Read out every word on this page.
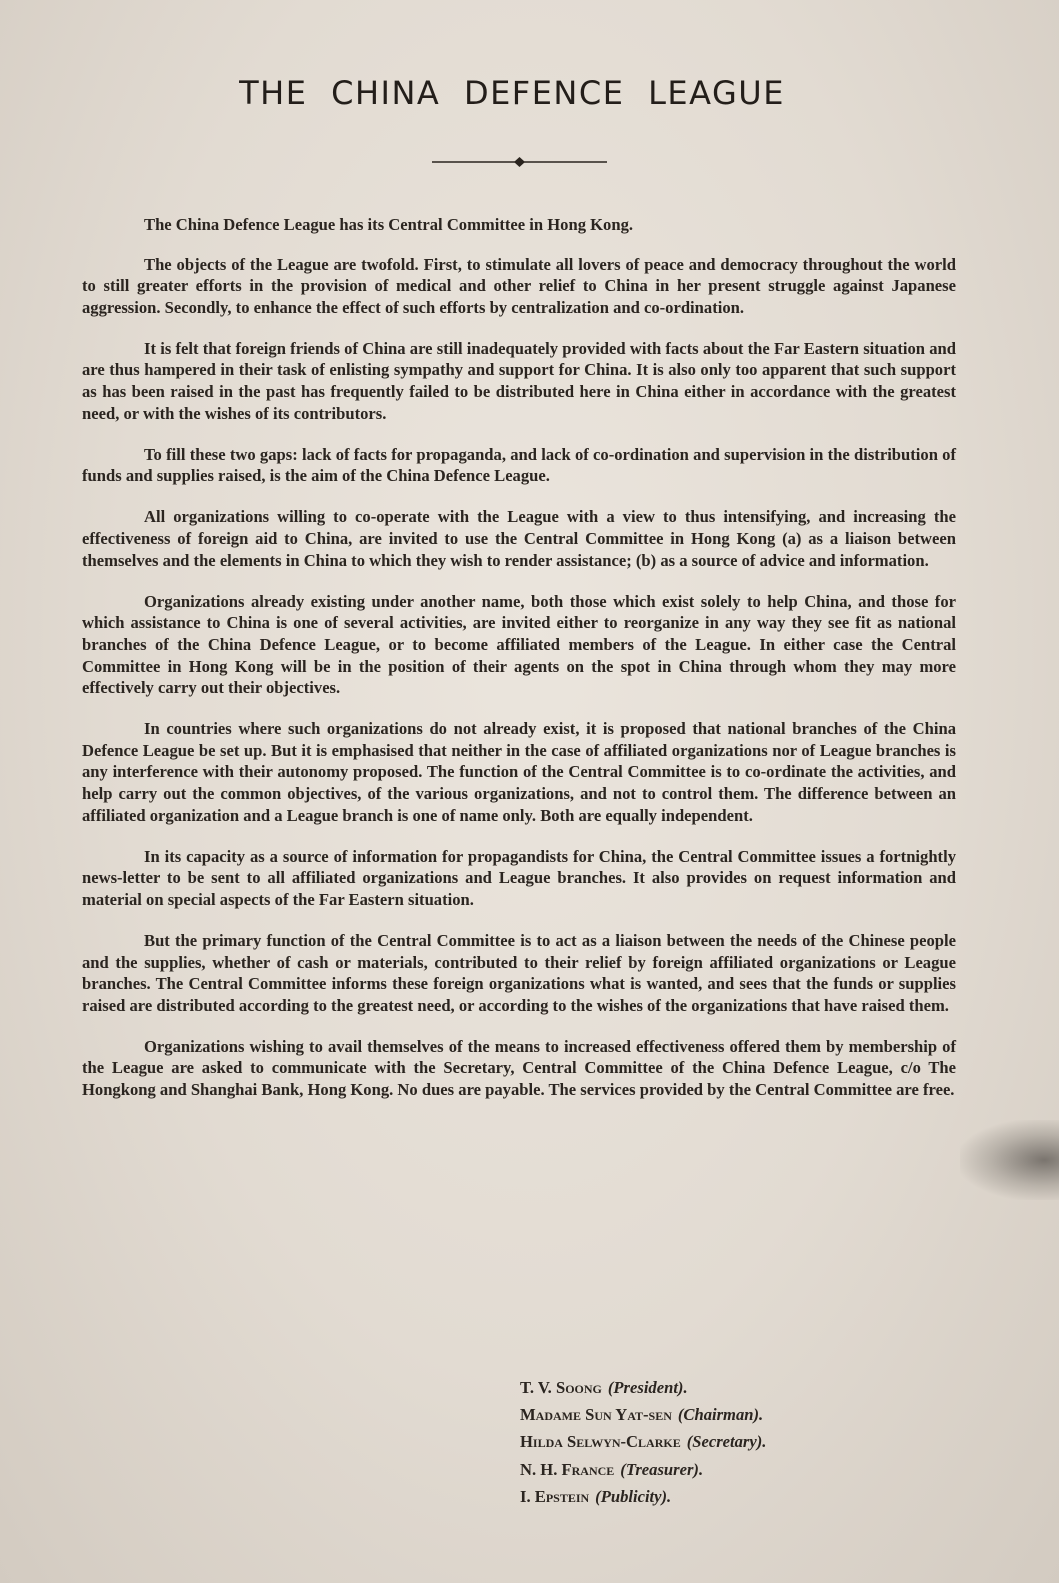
THE CHINA DEFENCE LEAGUE

The China Defence League has its Central Committee in Hong Kong.

The objects of the League are twofold. First, to stimulate all lovers of peace and democracy throughout the world to still greater efforts in the provision of medical and other relief to China in her present struggle against Japanese aggression. Secondly, to enhance the effect of such efforts by centralization and co-ordination.

It is felt that foreign friends of China are still inadequately provided with facts about the Far Eastern situation and are thus hampered in their task of enlisting sympathy and support for China. It is also only too apparent that such support as has been raised in the past has frequently failed to be distributed here in China either in accordance with the greatest need, or with the wishes of its contributors.

To fill these two gaps: lack of facts for propaganda, and lack of co-ordination and supervision in the distribution of funds and supplies raised, is the aim of the China Defence League.

All organizations willing to co-operate with the League with a view to thus intensifying, and increasing the effectiveness of foreign aid to China, are invited to use the Central Committee in Hong Kong (a) as a liaison between themselves and the elements in China to which they wish to render assistance; (b) as a source of advice and information.

Organizations already existing under another name, both those which exist solely to help China, and those for which assistance to China is one of several activities, are invited either to reorganize in any way they see fit as national branches of the China Defence League, or to become affiliated members of the League. In either case the Central Committee in Hong Kong will be in the position of their agents on the spot in China through whom they may more effectively carry out their objectives.

In countries where such organizations do not already exist, it is proposed that national branches of the China Defence League be set up. But it is emphasised that neither in the case of affiliated organizations nor of League branches is any interference with their autonomy proposed. The function of the Central Committee is to co-ordinate the activities, and help carry out the common objectives, of the various organizations, and not to control them. The difference between an affiliated organization and a League branch is one of name only. Both are equally independent.

In its capacity as a source of information for propagandists for China, the Central Committee issues a fortnightly news-letter to be sent to all affiliated organizations and League branches. It also provides on request information and material on special aspects of the Far Eastern situation.

But the primary function of the Central Committee is to act as a liaison between the needs of the Chinese people and the supplies, whether of cash or materials, contributed to their relief by foreign affiliated organizations or League branches. The Central Committee informs these foreign organizations what is wanted, and sees that the funds or supplies raised are distributed according to the greatest need, or according to the wishes of the organizations that have raised them.

Organizations wishing to avail themselves of the means to increased effectiveness offered them by membership of the League are asked to communicate with the Secretary, Central Committee of the China Defence League, c/o The Hongkong and Shanghai Bank, Hong Kong. No dues are payable. The services provided by the Central Committee are free.

T. V. Soong (President).
Madame Sun Yat-sen (Chairman).
Hilda Selwyn-Clarke (Secretary).
N. H. France (Treasurer).
I. Epstein (Publicity).
